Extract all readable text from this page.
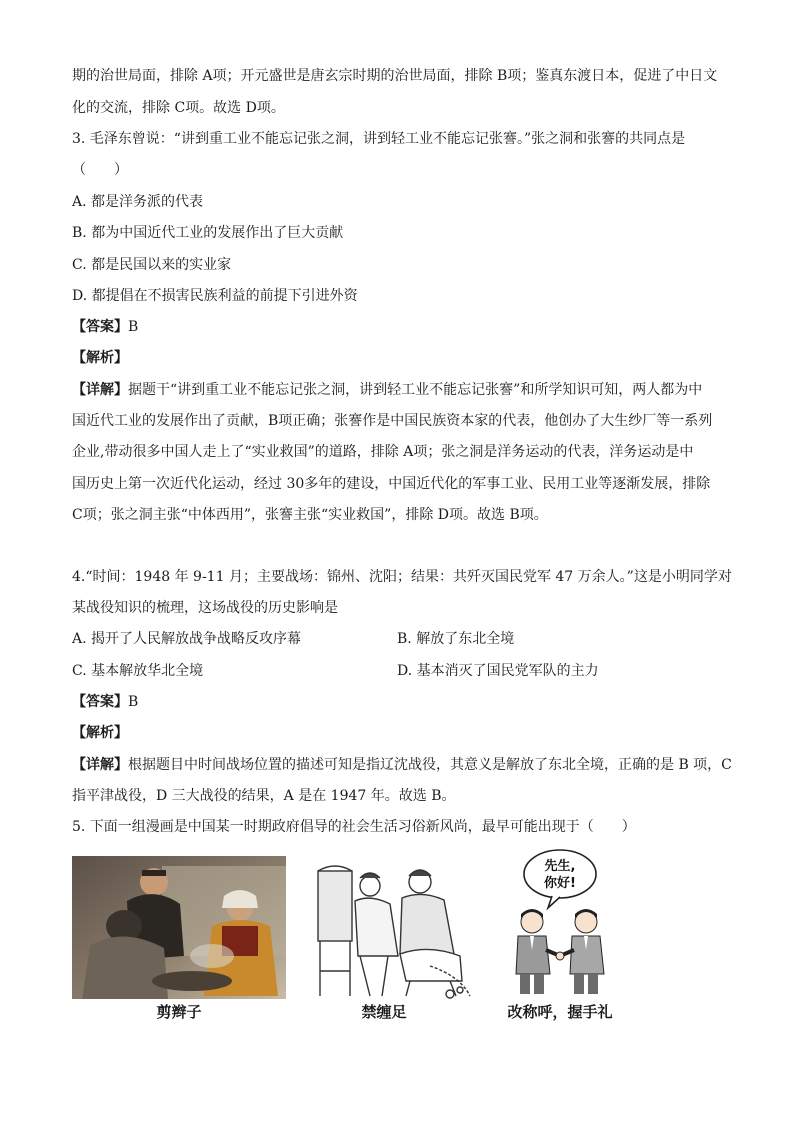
期的治世局面，排除 A项；开元盛世是唐玄宗时期的治世局面，排除 B项；鉴真东渡日本，促进了中日文
化的交流，排除 C项。故选 D项。
3. 毛泽东曾说：“讲到重工业不能忘记张之洞，讲到轻工业不能忘记张謇。”张之洞和张謇的共同点是
（　　）
A. 都是洋务派的代表
B. 都为中国近代工业的发展作出了巨大贡献
C. 都是民国以来的实业家
D. 都提倡在不损害民族利益的前提下引进外资
【答案】B
【解析】
【详解】据题干“讲到重工业不能忘记张之洞，讲到轻工业不能忘记张謇”和所学知识可知，两人都为中
国近代工业的发展作出了贡献，B项正确；张謇作是中国民族资本家的代表，他创办了大生纱厂等一系列
企业,带动很多中国人走上了“实业救国”的道路，排除 A项；张之洞是洋务运动的代表，洋务运动是中
国历史上第一次近代化运动，经过 30多年的建设，中国近代化的军事工业、民用工业等逐渐发展，排除
C项；张之洞主张“中体西用”，张謇主张“实业救国”，排除 D项。故选 B项。
4.“时间：1948 年 9-11 月；主要战场：锦州、沈阳；结果：共歼灭国民党军 47 万余人。”这是小明同学对
某战役知识的梳理，这场战役的历史影响是
A. 揭开了人民解放战争战略反攻序幕	B. 解放了东北全境
C. 基本解放华北全境	D. 基本消灭了国民党军队的主力
【答案】B
【解析】
【详解】根据题目中时间战场位置的描述可知是指辽沈战役，其意义是解放了东北全境，正确的是 B 项，C
指平津战役，D 三大战役的结果，A 是在 1947 年。故选 B。
5. 下面一组漫画是中国某一时期政府倡导的社会生活习俗新风尚，最早可能出现于（　　）
先生,
你好!
剪辫子	禁缠足	改称呼，握手礼
